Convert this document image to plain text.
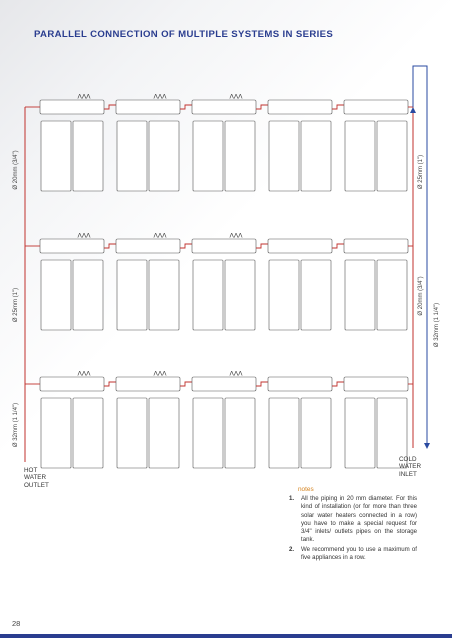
PARALLEL CONNECTION OF MULTIPLE SYSTEMS IN SERIES
ΛΛΛ	ΛΛΛ	ΛΛΛ
ΛΛΛ	ΛΛΛ	ΛΛΛ
ΛΛΛ	ΛΛΛ	ΛΛΛ
Ø 20mm (3/4")
Ø 25mm (1")
Ø 32mm (1 1/4")
Ø 25mm (1")
Ø 20mm (3/4")
Ø 32mm (1 1/4")
HOT
WATER
OUTLET
COLD
WATER
INLET
notes
1. All the piping in 20 mm diameter. For this kind of installation (or for more than three solar water heaters connected in a row) you have to make a special request for 3/4" inlets/ outlets pipes on the storage tank.
2. We recommend you to use a maximum of five appliances in a row.
28
